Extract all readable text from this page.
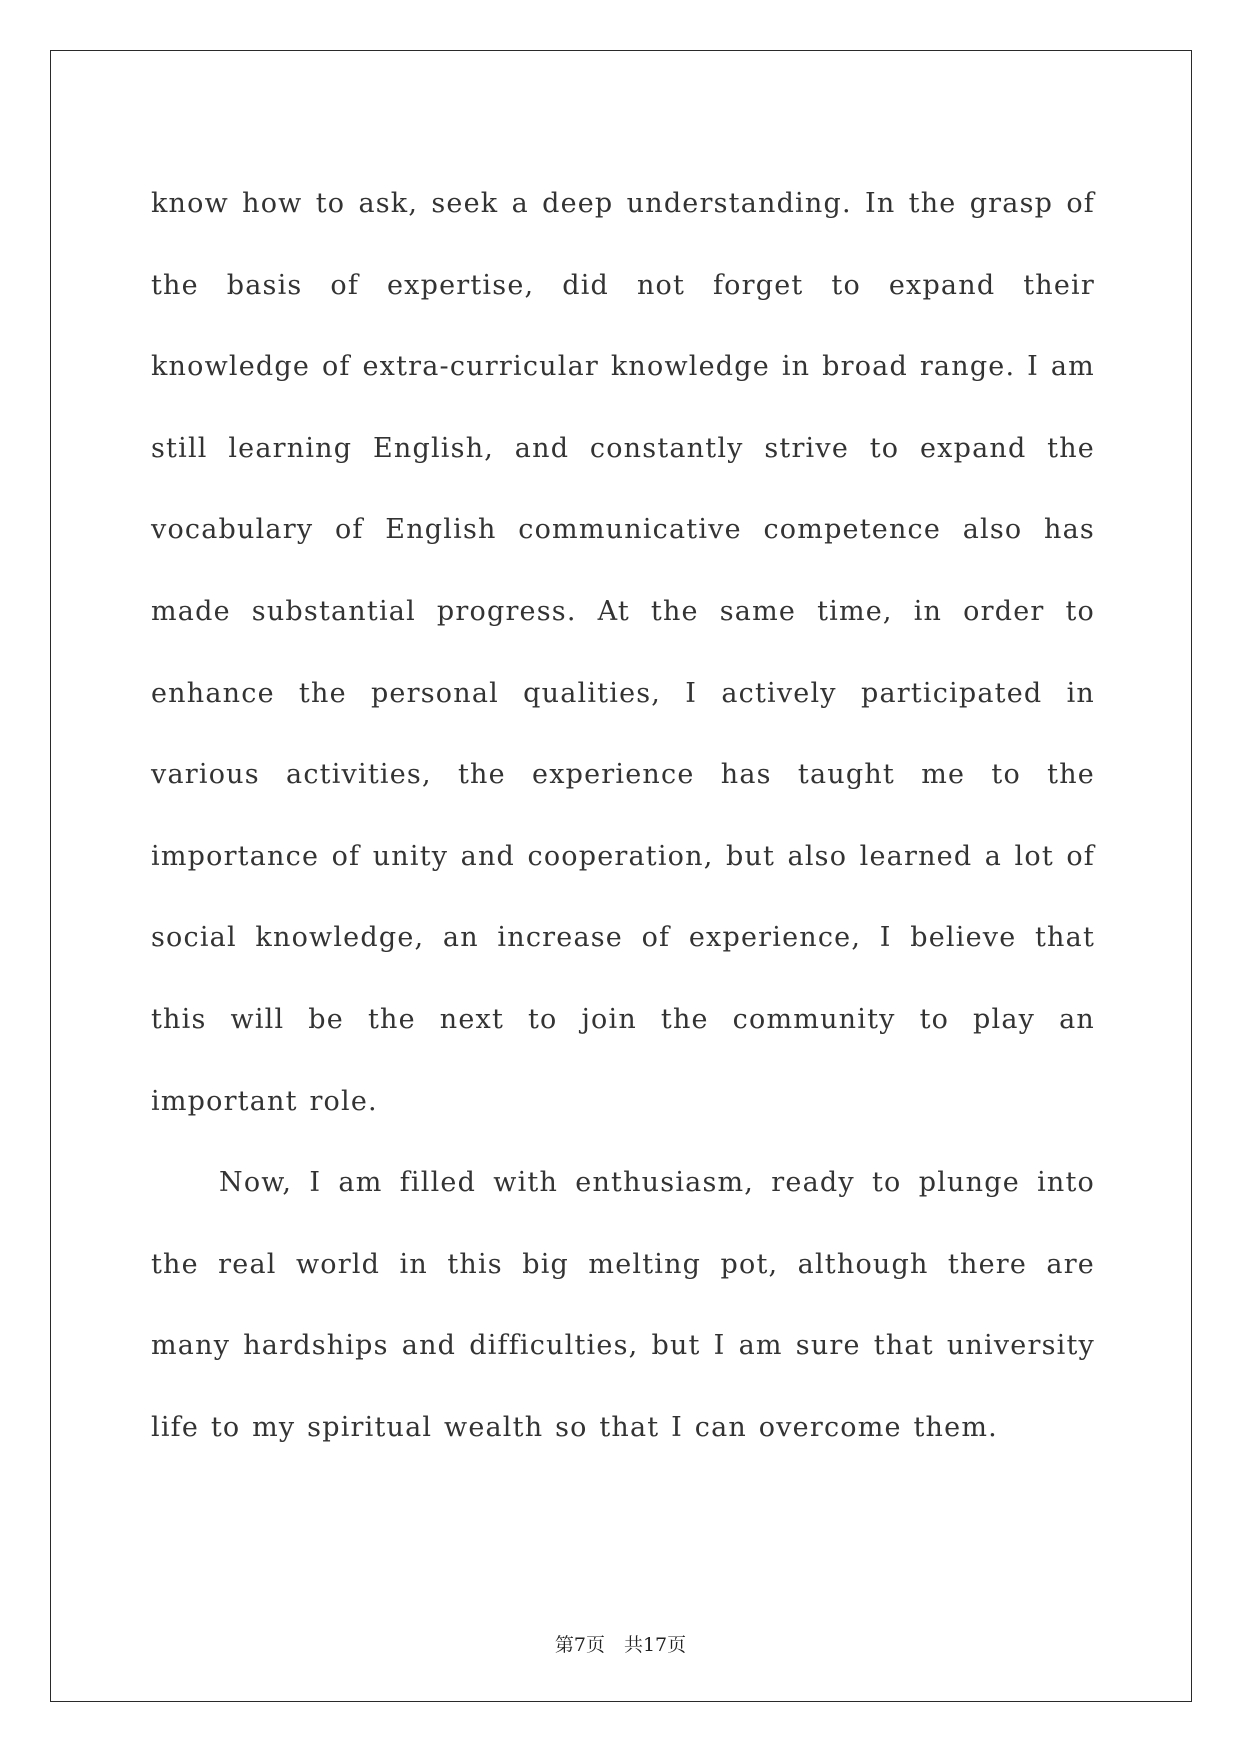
know how to ask, seek a deep understanding. In the grasp of the basis of expertise, did not forget to expand their knowledge of extra-curricular knowledge in broad range. I am still learning English, and constantly strive to expand the vocabulary of English communicative competence also has made substantial progress. At the same time, in order to enhance the personal qualities, I actively participated in various activities, the experience has taught me to the importance of unity and cooperation, but also learned a lot of social knowledge, an increase of experience, I believe that this will be the next to join the community to play an important role.

Now, I am filled with enthusiasm, ready to plunge into the real world in this big melting pot, although there are many hardships and difficulties, but I am sure that university life to my spiritual wealth so that I can overcome them.

第7页　共17页
